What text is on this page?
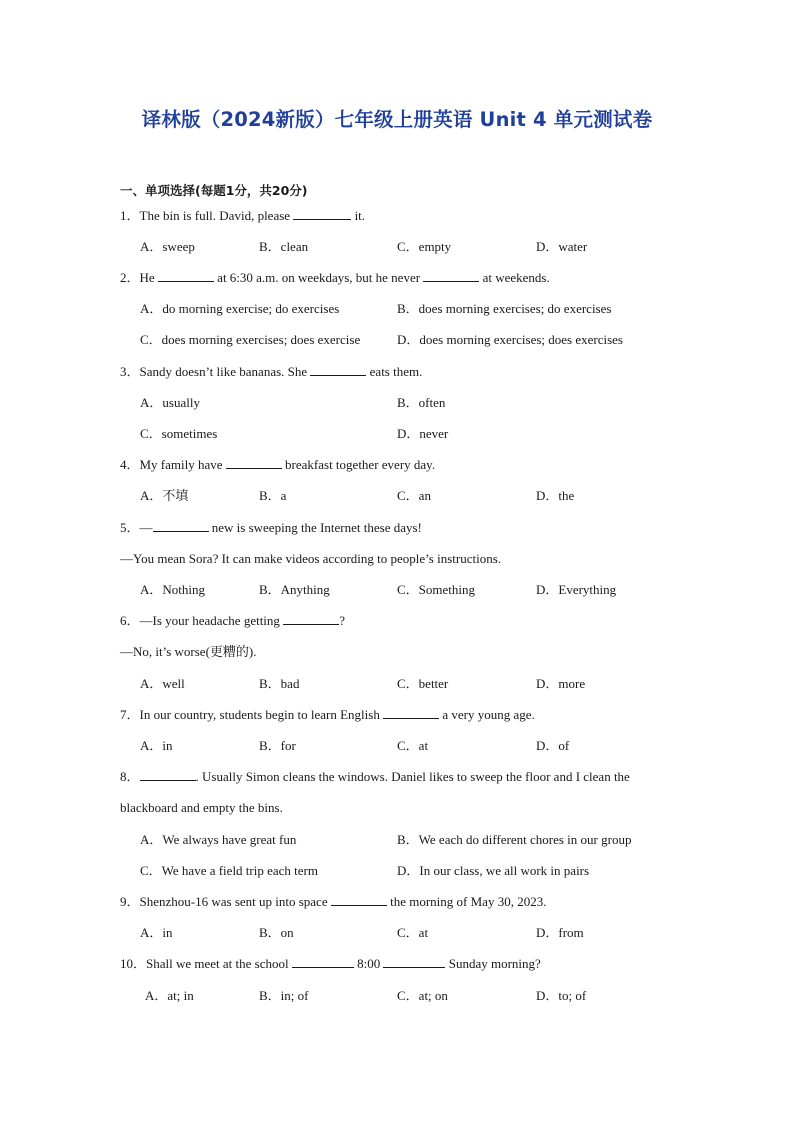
译林版（2024新版）七年级上册英语 Unit 4 单元测试卷
一、单项选择(每题1分，共20分)
1．The bin is full. David, please	it.
A．sweep	B．clean	C．empty	D．water
2．He	at 6:30 a.m. on weekdays, but he never	at weekends.
A．do morning exercise; do exercises	B．does morning exercises; do exercises
C．does morning exercises; does exercise	D．does morning exercises; does exercises
3．Sandy doesn’t like bananas. She	eats them.
A．usually	B．often
C．sometimes	D．never
4．My family have	breakfast together every day.
A．不填	B．a	C．an	D．the
5．—	new is sweeping the Internet these days!
—You mean Sora? It can make videos according to people’s instructions.
A．Nothing	B．Anything	C．Something	D．Everything
6．—Is your headache getting	?
—No, it’s worse(更糟的).
A．well	B．bad	C．better	D．more
7．In our country, students begin to learn English	a very young age.
A．in	B．for	C．at	D．of
8．	. Usually Simon cleans the windows. Daniel likes to sweep the floor and I clean the
blackboard and empty the bins.
A．We always have great fun	B．We each do different chores in our group
C．We have a field trip each term	D．In our class, we all work in pairs
9．Shenzhou-16 was sent up into space	the morning of May 30, 2023.
A．in	B．on	C．at	D．from
10．Shall we meet at the school	8:00	Sunday morning?
A．at; in	B．in; of	C．at; on	D．to; of
